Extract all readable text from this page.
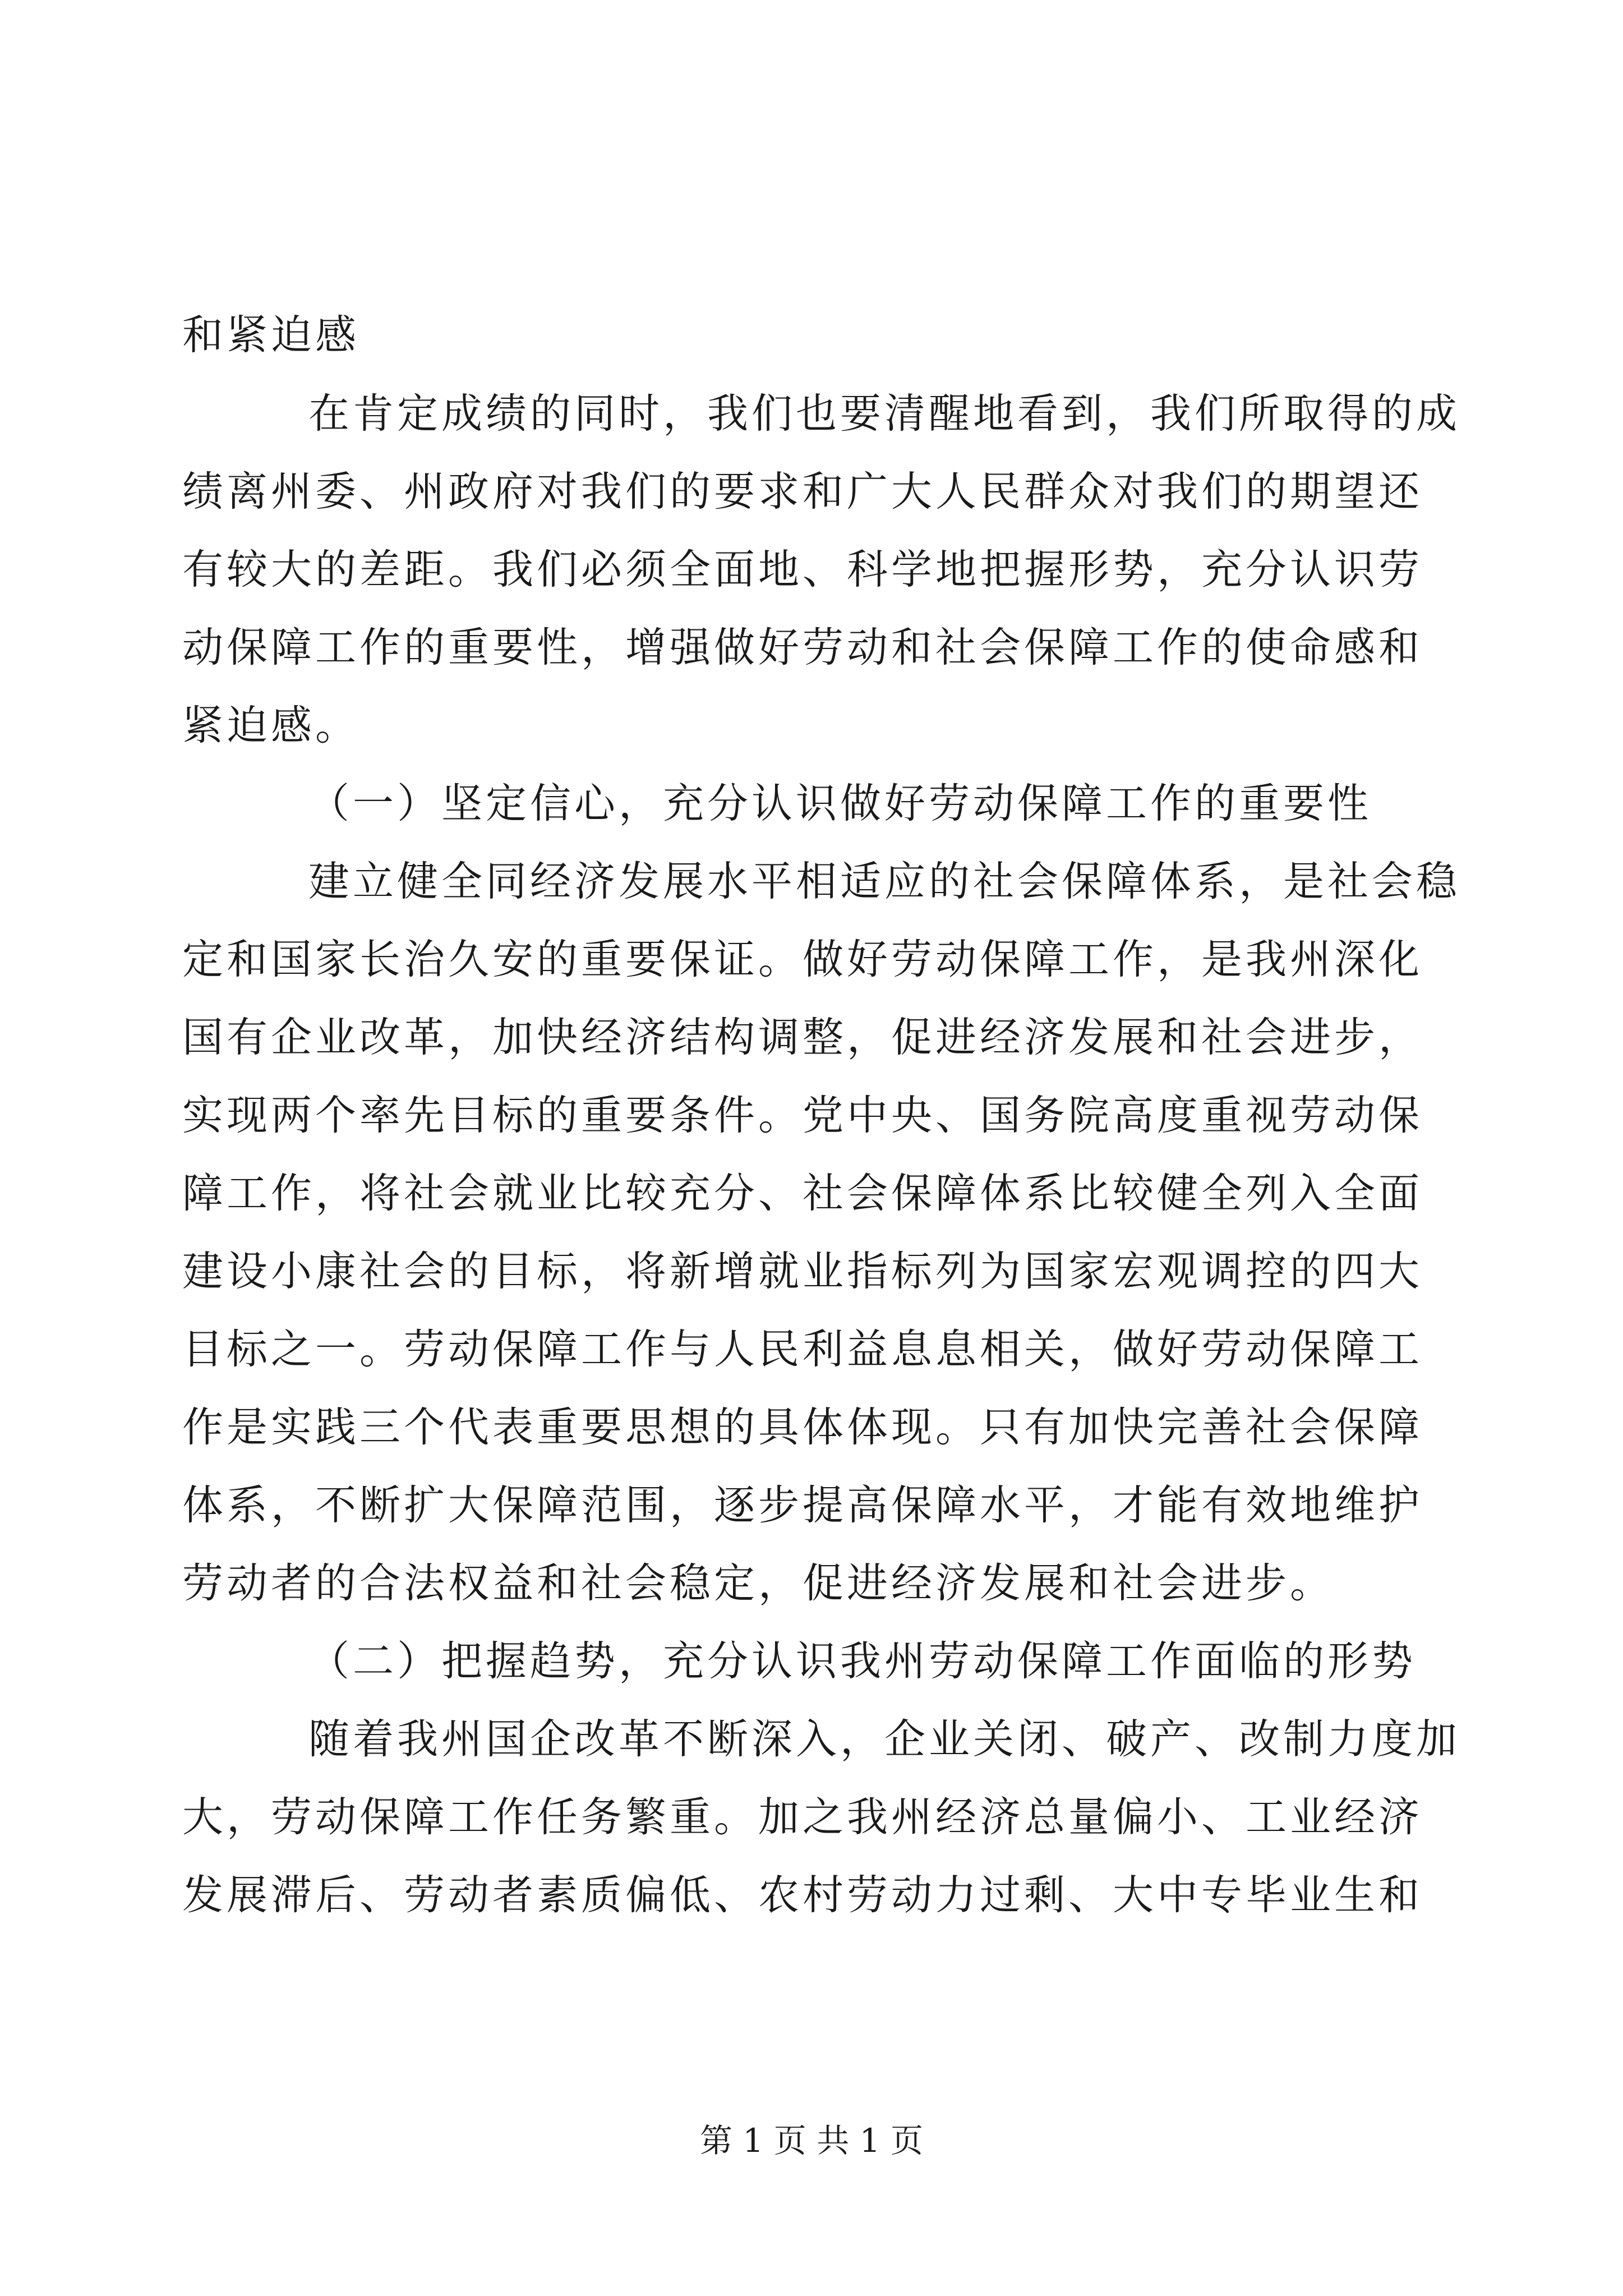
和紧迫感
在肯定成绩的同时，我们也要清醒地看到，我们所取得的成
绩离州委、州政府对我们的要求和广大人民群众对我们的期望还
有较大的差距。我们必须全面地、科学地把握形势，充分认识劳
动保障工作的重要性，增强做好劳动和社会保障工作的使命感和
紧迫感。
（一）坚定信心，充分认识做好劳动保障工作的重要性
建立健全同经济发展水平相适应的社会保障体系，是社会稳
定和国家长治久安的重要保证。做好劳动保障工作，是我州深化
国有企业改革，加快经济结构调整，促进经济发展和社会进步，
实现两个率先目标的重要条件。党中央、国务院高度重视劳动保
障工作，将社会就业比较充分、社会保障体系比较健全列入全面
建设小康社会的目标，将新增就业指标列为国家宏观调控的四大
目标之一。劳动保障工作与人民利益息息相关，做好劳动保障工
作是实践三个代表重要思想的具体体现。只有加快完善社会保障
体系，不断扩大保障范围，逐步提高保障水平，才能有效地维护
劳动者的合法权益和社会稳定，促进经济发展和社会进步。
（二）把握趋势，充分认识我州劳动保障工作面临的形势
随着我州国企改革不断深入，企业关闭、破产、改制力度加
大，劳动保障工作任务繁重。加之我州经济总量偏小、工业经济
发展滞后、劳动者素质偏低、农村劳动力过剩、大中专毕业生和
第 1 页 共 1 页
